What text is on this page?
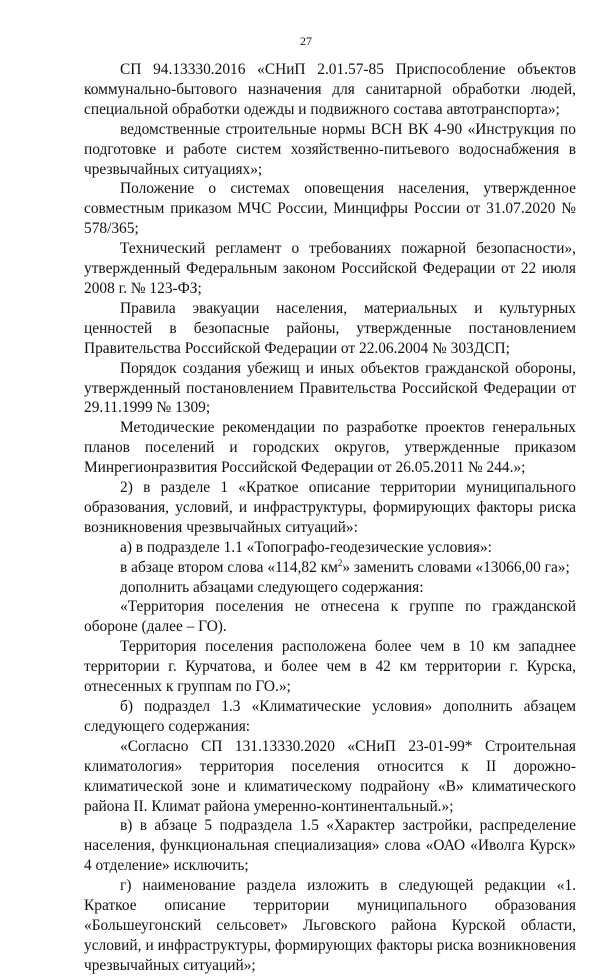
27

СП 94.13330.2016 «СНиП 2.01.57-85 Приспособление объектов коммунально-бытового назначения для санитарной обработки людей, специальной обработки одежды и подвижного состава автотранспорта»;

ведомственные строительные нормы ВСН ВК 4-90 «Инструкция по подготовке и работе систем хозяйственно-питьевого водоснабжения в чрезвычайных ситуациях»;

Положение о системах оповещения населения, утвержденное совместным приказом МЧС России, Минцифры России от 31.07.2020 № 578/365;

Технический регламент о требованиях пожарной безопасности», утвержденный Федеральным законом Российской Федерации от 22 июля 2008 г. № 123-ФЗ;

Правила эвакуации населения, материальных и культурных ценностей в безопасные районы, утвержденные постановлением Правительства Российской Федерации от 22.06.2004 № 303ДСП;

Порядок создания убежищ и иных объектов гражданской обороны, утвержденный постановлением Правительства Российской Федерации от 29.11.1999 № 1309;

Методические рекомендации по разработке проектов генеральных планов поселений и городских округов, утвержденные приказом Минрегионразвития Российской Федерации от 26.05.2011 № 244.»;

2) в разделе 1 «Краткое описание территории муниципального образования, условий, и инфраструктуры, формирующих факторы риска возникновения чрезвычайных ситуаций»:

а) в подразделе 1.1 «Топографо-геодезические условия»:

в абзаце втором слова «114,82 $км^2$» заменить словами «13066,00 га»;

дополнить абзацами следующего содержания:

«Территория поселения не отнесена к группе по гражданской обороне (далее – ГО).

Территория поселения расположена более чем в 10 км западнее территории г. Курчатова, и более чем в 42 км территории г. Курска, отнесенных к группам по ГО.»;

б) подраздел 1.3 «Климатические условия» дополнить абзацем следующего содержания:

«Согласно СП 131.13330.2020 «СНиП 23-01-99* Строительная климатология» территория поселения относится к II дорожно-климатической зоне и климатическому подрайону «В» климатического района II. Климат района умеренно-континентальный.»;

в) в абзаце 5 подраздела 1.5 «Характер застройки, распределение населения, функциональная специализация» слова «ОАО «Иволга Курск» 4 отделение» исключить;

г) наименование раздела изложить в следующей редакции «1. Краткое описание территории муниципального образования «Большеугонский сельсовет» Льговского района Курской области, условий, и инфраструктуры, формирующих факторы риска возникновения чрезвычайных ситуаций»;
